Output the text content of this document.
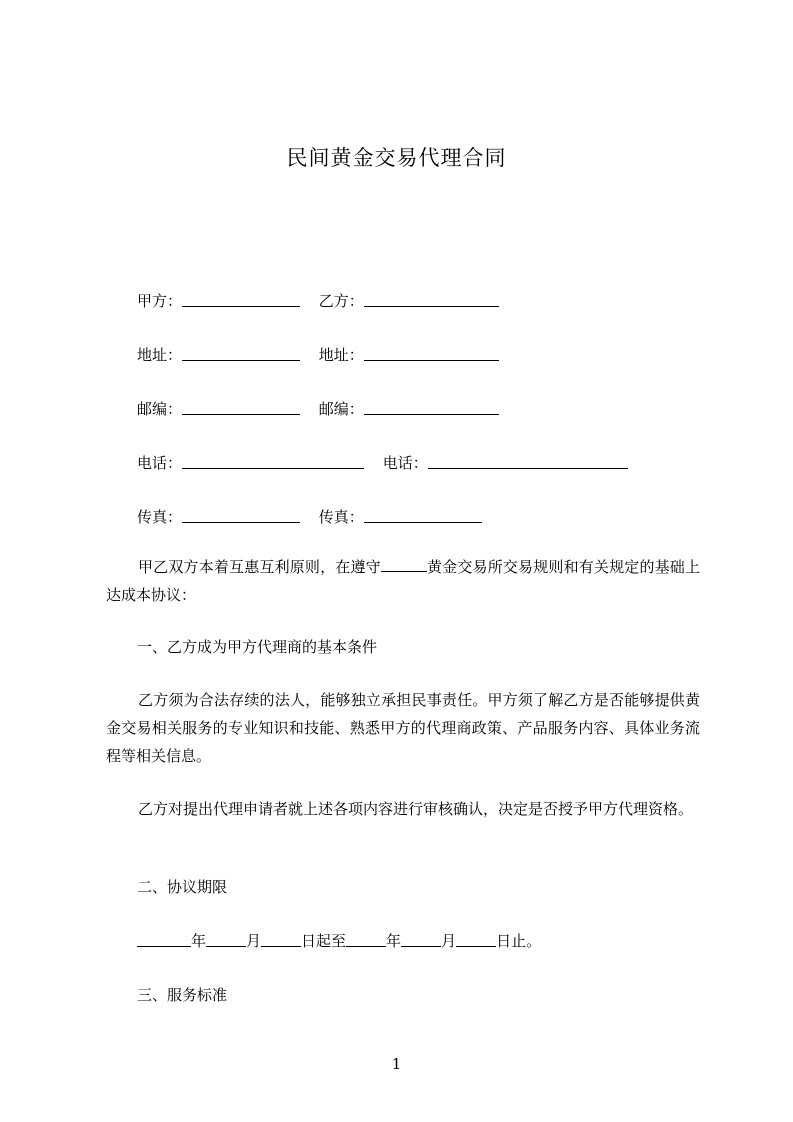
民间黄金交易代理合同
甲方：	乙方：
地址：	地址：
邮编：	邮编：
电话：	电话：
传真：	传真：
甲乙双方本着互惠互利原则，在遵守	黄金交易所交易规则和有关规定的基础上达成本协议：
一、乙方成为甲方代理商的基本条件
乙方须为合法存续的法人，能够独立承担民事责任。甲方须了解乙方是否能够提供黄金交易相关服务的专业知识和技能、熟悉甲方的代理商政策、产品服务内容、具体业务流程等相关信息。
乙方对提出代理申请者就上述各项内容进行审核确认，决定是否授予甲方代理资格。
二、协议期限
年	月	日起至	年	月	日止。
三、服务标准
1
